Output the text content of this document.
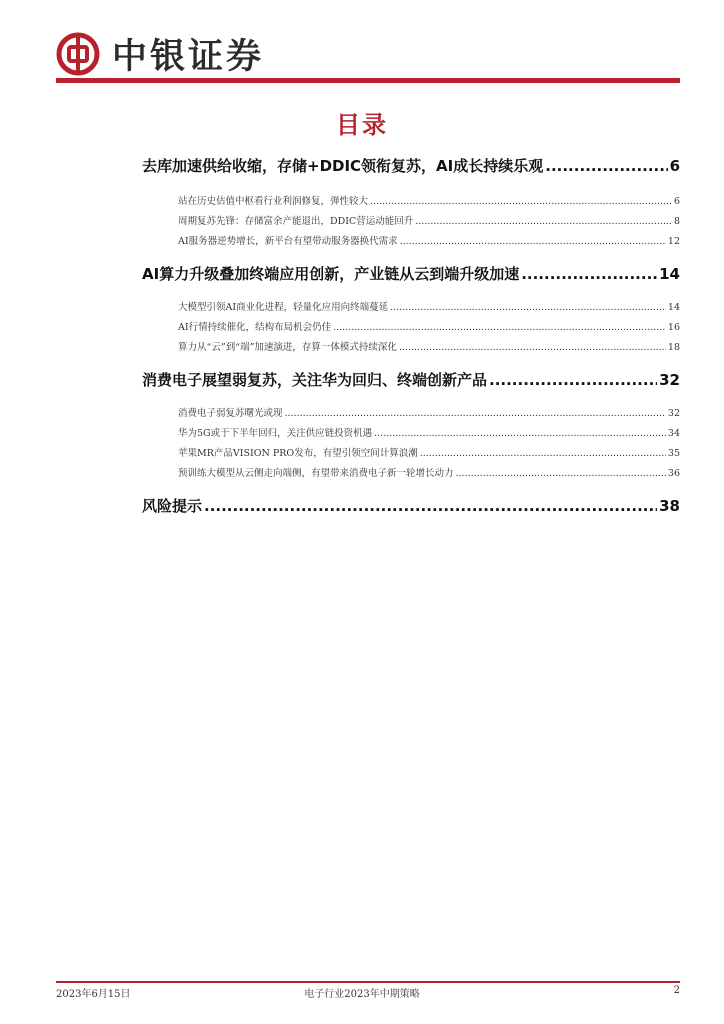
中银证券
目录
去库加速供给收缩，存储+DDIC领衔复苏，AI成长持续乐观 .....	6
站在历史估值中枢看行业利润修复，弹性较大 .....	6
周期复苏先锋：存储富余产能退出，DDIC营运动能回升 .....	8
AI服务器逆势增长，新平台有望带动服务器换代需求 .....	12
AI算力升级叠加终端应用创新，产业链从云到端升级加速 .....	14
大模型引领AI商业化进程，轻量化应用向终端蔓延 .....	14
AI行情持续催化，结构布局机会仍佳 .....	16
算力从“云”到“端”加速演进，存算一体模式持续深化 .....	18
消费电子展望弱复苏，关注华为回归、终端创新产品 .....	32
消费电子弱复苏曙光或现 .....	32
华为5G或于下半年回归，关注供应链投资机遇 .....	34
苹果MR产品VISION PRO发布，有望引领空间计算浪潮 .....	35
预训练大模型从云侧走向端侧，有望带来消费电子新一轮增长动力 .....	36
风险提示 .....	38
2023年6月15日	电子行业2023年中期策略	2
